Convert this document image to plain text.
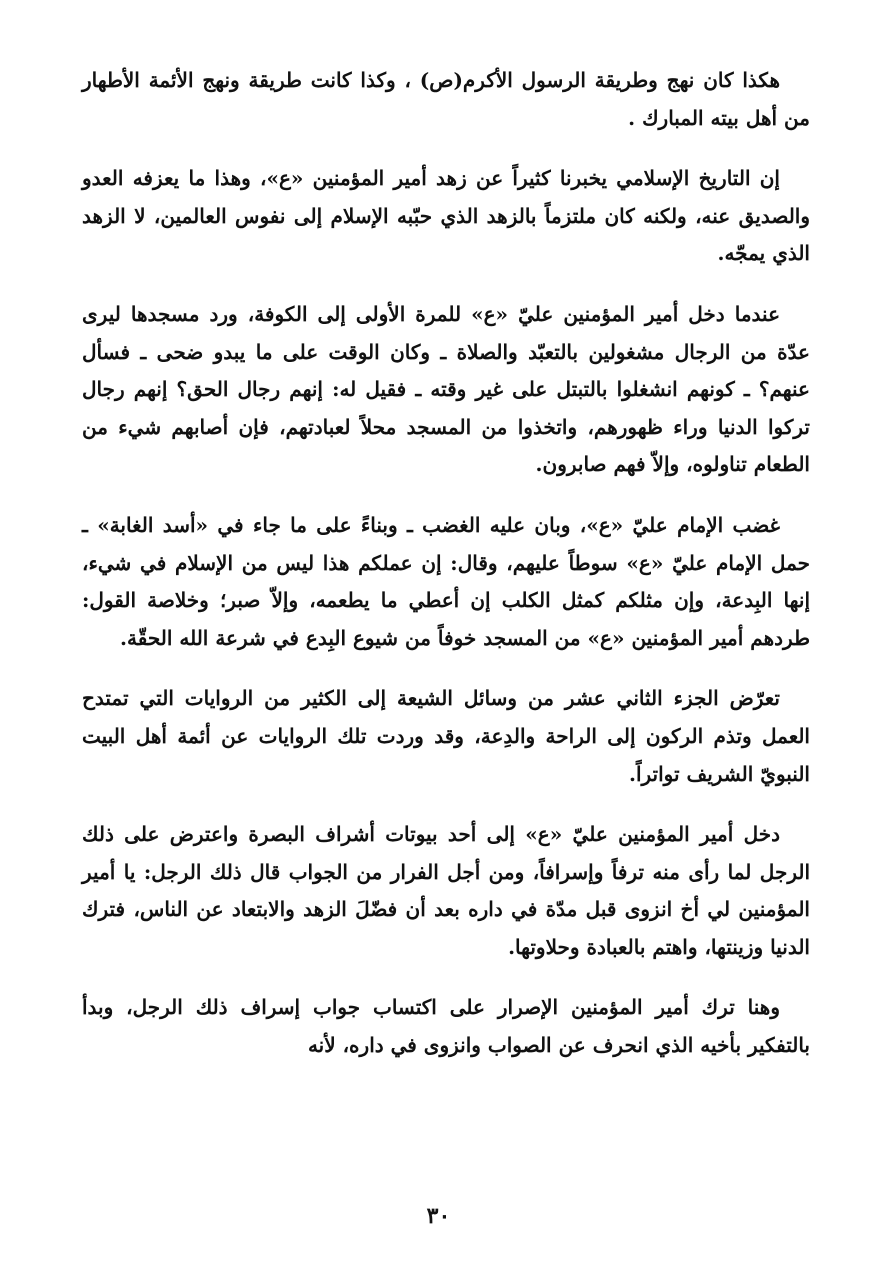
هكذا كان نهج وطريقة الرسول الأكرم(ص) ، وكذا كانت طريقة ونهج الأئمة الأطهار من أهل بيته المبارك .

إن التاريخ الإسلامي يخبرنا كثيراً عن زهد أمير المؤمنين «ع»، وهذا ما يعزفه العدو والصديق عنه، ولكنه كان ملتزماً بالزهد الذي حبّبه الإسلام إلى نفوس العالمين، لا الزهد الذي يمجّه.

عندما دخل أمير المؤمنين عليّ «ع» للمرة الأولى إلى الكوفة، ورد مسجدها ليرى عدّة من الرجال مشغولين بالتعبّد والصلاة ـ وكان الوقت على ما يبدو ضحى ـ فسأل عنهم؟ ـ كونهم انشغلوا بالتبتل على غير وقته ـ فقيل له: إنهم رجال الحق؟ إنهم رجال تركوا الدنيا وراء ظهورهم، واتخذوا من المسجد محلاً لعبادتهم، فإن أصابهم شيء من الطعام تناولوه، وإلاّ فهم صابرون.

غضب الإمام عليّ «ع»، وبان عليه الغضب ـ وبناءً على ما جاء في «أسد الغابة» ـ حمل الإمام عليّ «ع» سوطاً عليهم، وقال: إن عملكم هذا ليس من الإسلام في شيء، إنها البِدعة، وإن مثلكم كمثل الكلب إن أعطي ما يطعمه، وإلاّ صبر؛ وخلاصة القول: طردهم أمير المؤمنين «ع» من المسجد خوفاً من شيوع البِدع في شرعة الله الحقّة.

تعرّض الجزء الثاني عشر من وسائل الشيعة إلى الكثير من الروايات التي تمتدح العمل وتذم الركون إلى الراحة والدِعة، وقد وردت تلك الروايات عن أئمة أهل البيت النبويّ الشريف تواتراً.

دخل أمير المؤمنين عليّ «ع» إلى أحد بيوتات أشراف البصرة واعترض على ذلك الرجل لما رأى منه ترفاً وإسرافاً، ومن أجل الفرار من الجواب قال ذلك الرجل: يا أمير المؤمنين لي أخ انزوى قبل مدّة في داره بعد أن فضّلَ الزهد والابتعاد عن الناس، فترك الدنيا وزينتها، واهتم بالعبادة وحلاوتها.

وهنا ترك أمير المؤمنين الإصرار على اكتساب جواب إسراف ذلك الرجل، وبدأ بالتفكير بأخيه الذي انحرف عن الصواب وانزوى في داره، لأنه

٣٠
